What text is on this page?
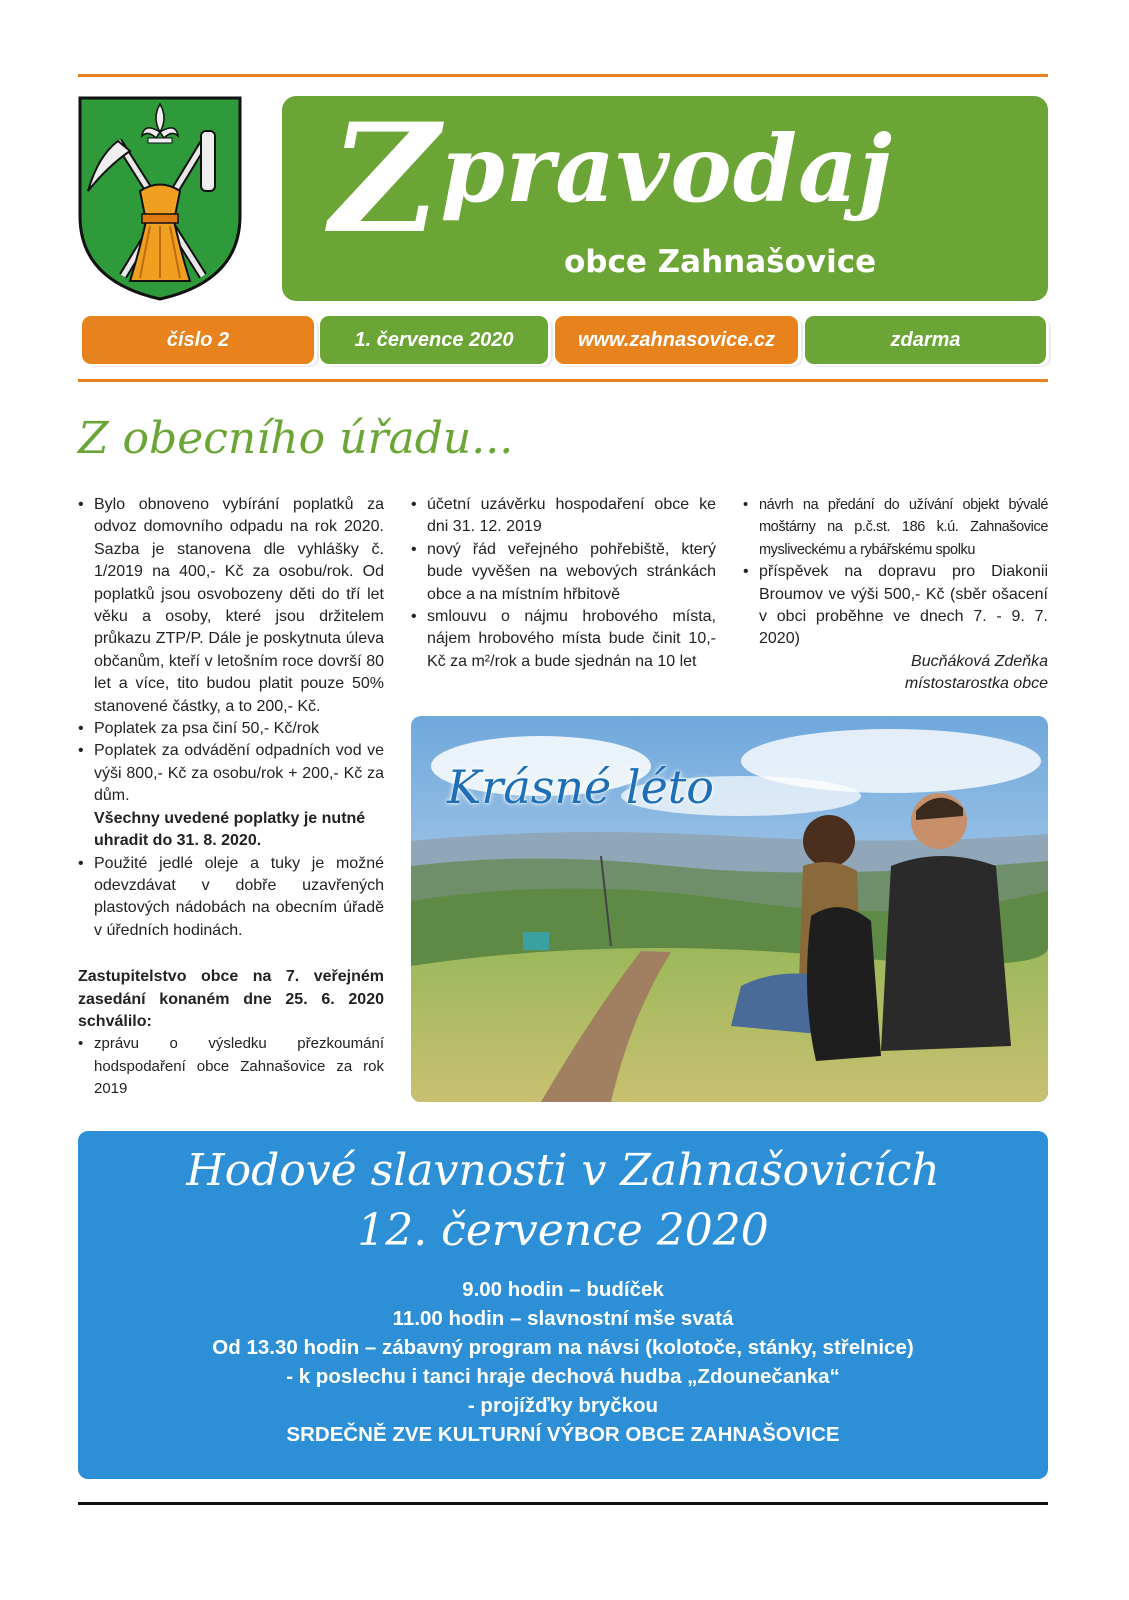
Zpravodaj
obce Zahnašovice
číslo 2	1. července 2020	www.zahnasovice.cz	zdarma
Z obecního úřadu...

• Bylo obnoveno vybírání poplatků za odvoz domovního odpadu na rok 2020. Sazba je stanovena dle vyhlášky č. 1/2019 na 400,- Kč za osobu/rok. Od poplatků jsou osvobozeny děti do tří let věku a osoby, které jsou držitelem průkazu ZTP/P. Dále je poskytnuta úleva občanům, kteří v letošním roce dovrší 80 let a více, tito budou platit pouze 50% stanovené částky, a to 200,- Kč.

• Poplatek za psa činí 50,- Kč/rok

• Poplatek za odvádění odpadních vod ve výši 800,- Kč za osobu/rok + 200,- Kč za dům.

Všechny uvedené poplatky je nutné uhradit do 31. 8. 2020.

• Použité jedlé oleje a tuky je možné odevzdávat v dobře uzavřených plastových nádobách na obecním úřadě v úředních hodinách.

Zastupitelstvo obce na 7. veřejném zasedání konaném dne 25. 6. 2020 schválilo:

• zprávu o výsledku přezkoumání hodspodaření obce Zahnašovice za rok 2019

• účetní uzávěrku hospodaření obce ke dni 31. 12. 2019

• nový řád veřejného pohřebiště, který bude vyvěšen na webových stránkách obce a na místním hřbitově

• smlouvu o nájmu hrobového místa, nájem hrobového místa bude činit 10,- Kč za m²/rok a bude sjednán na 10 let

• návrh na předání do užívání objekt bývalé moštárny na p.č.st. 186 k.ú. Zahnašovice mysliveckému a rybářskému spolku

• příspěvek na dopravu pro Diakonii Broumov ve výši 500,- Kč (sběr ošacení v obci proběhne ve dnech 7. - 9. 7. 2020)

Bucňáková Zdeňka

místostarostka obce

Krásné léto
Hodové slavnosti v Zahnašovicích
12. července 2020
9.00 hodin – budíček
11.00 hodin – slavnostní mše svatá
Od 13.30 hodin – zábavný program na návsi (kolotoče, stánky, střelnice)
- k poslechu i tanci hraje dechová hudba „Zdounečanka“
- projížďky bryčkou
SRDEČNĚ ZVE KULTURNÍ VÝBOR OBCE ZAHNAŠOVICE
